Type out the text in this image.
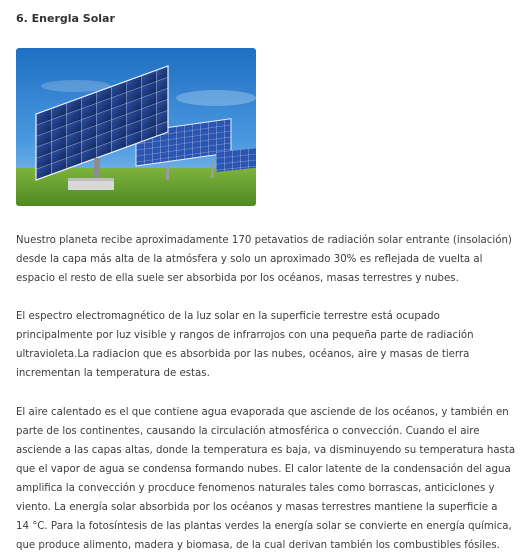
6. Energla Solar
Nuestro planeta recibe aproximadamente 170 petavatios de radiación solar entrante (insolación)
desde la capa más alta de la atmósfera y solo un aproximado 30% es reflejada de vuelta al
espacio el resto de ella suele ser absorbida por los océanos, masas terrestres y nubes.
El espectro electromagnético de la luz solar en la superficie terrestre está ocupado
principalmente por luz visible y rangos de infrarrojos con una pequeña parte de radiación
ultravioleta.La radiacion que es absorbida por las nubes, océanos, aire y masas de tierra
incrementan la temperatura de estas.
El aire calentado es el que contiene agua evaporada que asciende de los océanos, y también en
parte de los continentes, causando la circulación atmosférica o convección. Cuando el aire
asciende a las capas altas, donde la temperatura es baja, va disminuyendo su temperatura hasta
que el vapor de agua se condensa formando nubes. El calor latente de la condensación del agua
amplifica la convección y procduce fenomenos naturales tales como borrascas, anticiclones y
viento. La energía solar absorbida por los océanos y masas terrestres mantiene la superficie a
14 °C. Para la fotosíntesis de las plantas verdes la energía solar se convierte en energía química,
que produce alimento, madera y biomasa, de la cual derivan también los combustibles fósiles.
